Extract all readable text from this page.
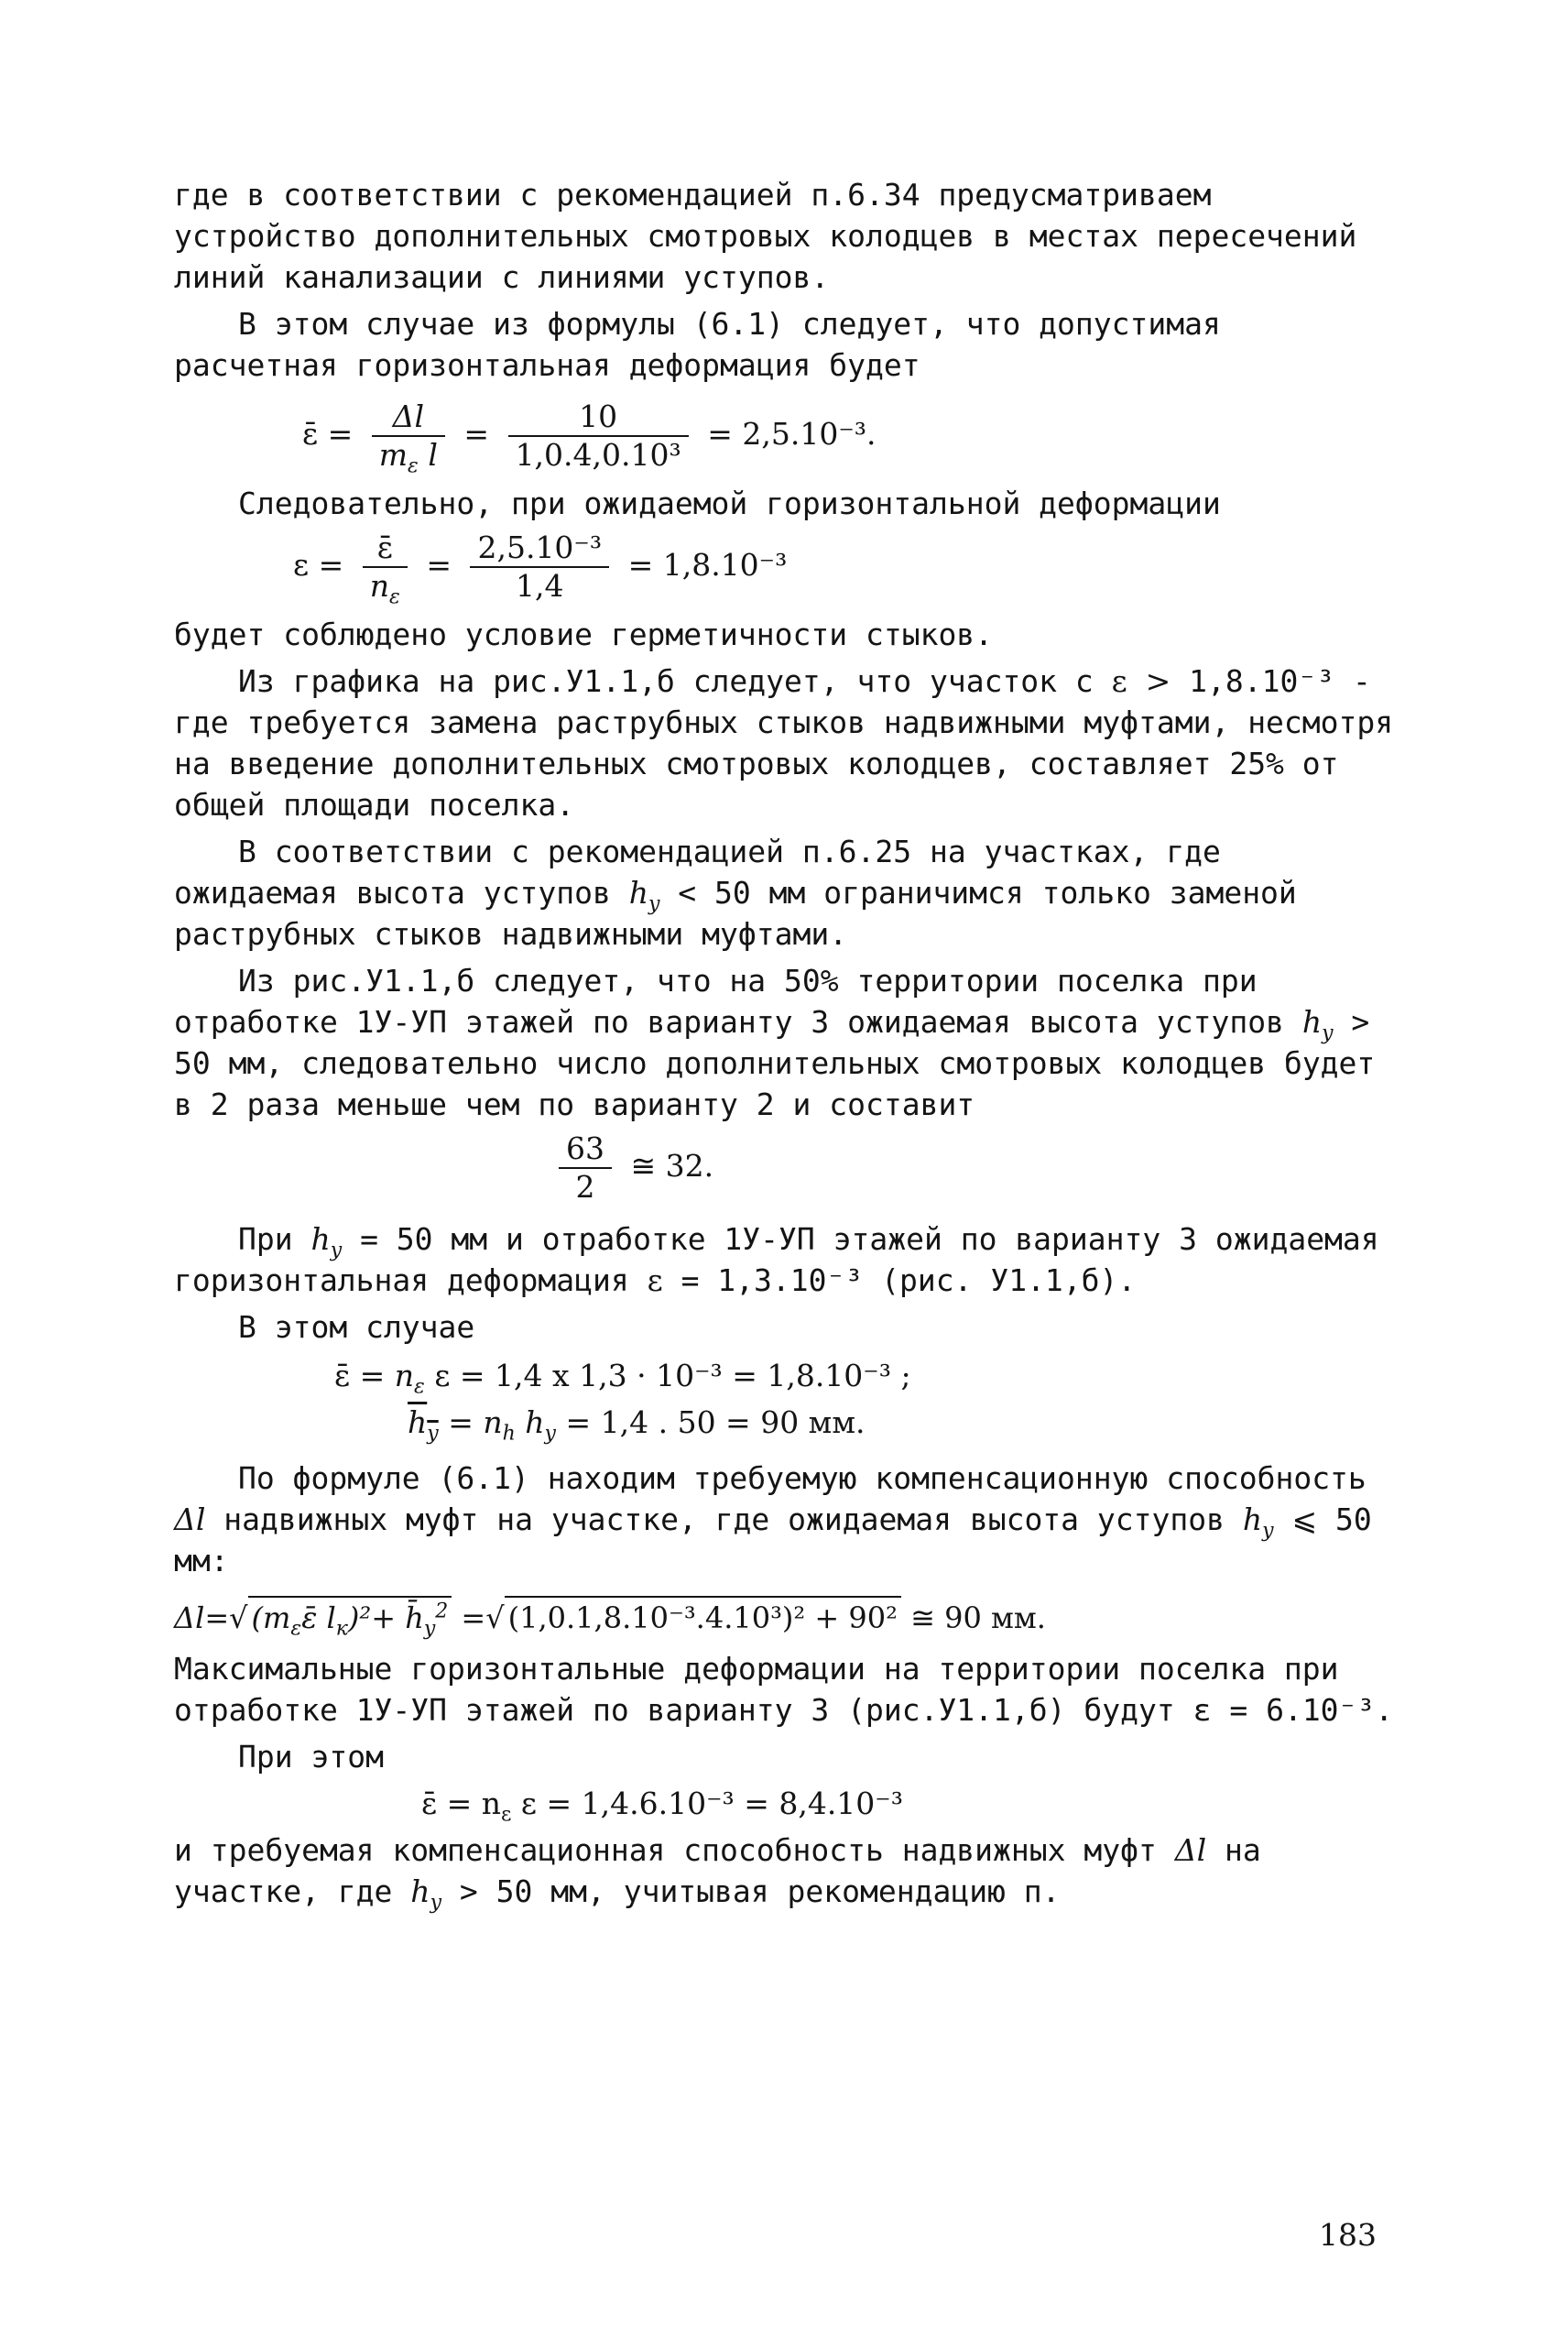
где в соответствии с рекомендацией п.6.34 предусматриваем устройство дополнительных смотровых колодцев в местах пересечений линий канализации с линиями уступов.

В этом случае из формулы (6.1) следует, что допустимая расчетная горизонтальная деформация будет

ε̄ = $\frac{\Delta l}{m_\varepsilon l} = \frac{10}{\text{1,0.4,0.10³}} = 2,5.10^{-3}$.

Следовательно, при ожидаемой горизонтальной деформации

$\varepsilon = \frac{\varepsilon̄}{n_\varepsilon} = \frac{\text{2,5.10⁻³}}{1,4} = 1,8.10^{-3}$

будет соблюдено условие герметичности стыков.

Из графика на рис.У1.1,б следует, что участок с ε > 1,8.10⁻³ - где требуется замена раструбных стыков надвижными муфтами, несмотря на введение дополнительных смотровых колодцев, составляет 25% от общей площади поселка.

В соответствии с рекомендацией п.6.25 на участках, где ожидаемая высота уступов $h_y < 50$ мм ограничимся только заменой раструбных стыков надвижными муфтами.

Из рис.У1.1,б следует, что на 50% территории поселка при отработке 1У-УП этажей по варианту 3 ожидаемая высота уступов $h_y > 50$ мм, следовательно число дополнительных смотровых колодцев будет в 2 раза меньше чем по варианту 2 и составит

$\frac{63}{2}$ ≅ 32.

При $h_y = 50$ мм и отработке 1У-УП этажей по варианту 3 ожидаемая горизонтальная деформация ε = 1,3.10⁻³ (рис. У1.1,б).

В этом случае

ε̄ = $n_\varepsilon$ ε = 1,4 x 1,3 · 10⁻³ = 1,8.10⁻³ ;
$h_y = n_h$ $h_y = 1,4$ . 50 = 90 мм.

По формуле (6.1) находим требуемую компенсационную способность Δl надвижных муфт на участке, где ожидаемая высота уступов $h_y$ ⩽ 50 мм:

Δl=√ ($m_\varepsilon\varepsilon̄$ $l_к)^2+$ $h̄_y^2$ =√ (1,0.1,8.10⁻³.4.10³)² + 90² ≅ 90 мм.

Максимальные горизонтальные деформации на территории поселка при отработке 1У-УП этажей по варианту 3 (рис.У1.1,б) будут ε = 6.10⁻³.

При этом

ε̄ = $n_\varepsilon$ ε = 1,4.6.10⁻³ = 8,4.10⁻³

и требуемая компенсационная способность надвижных муфт Δl на участке, где $h_y > 50$ мм, учитывая рекомендацию п.

183
